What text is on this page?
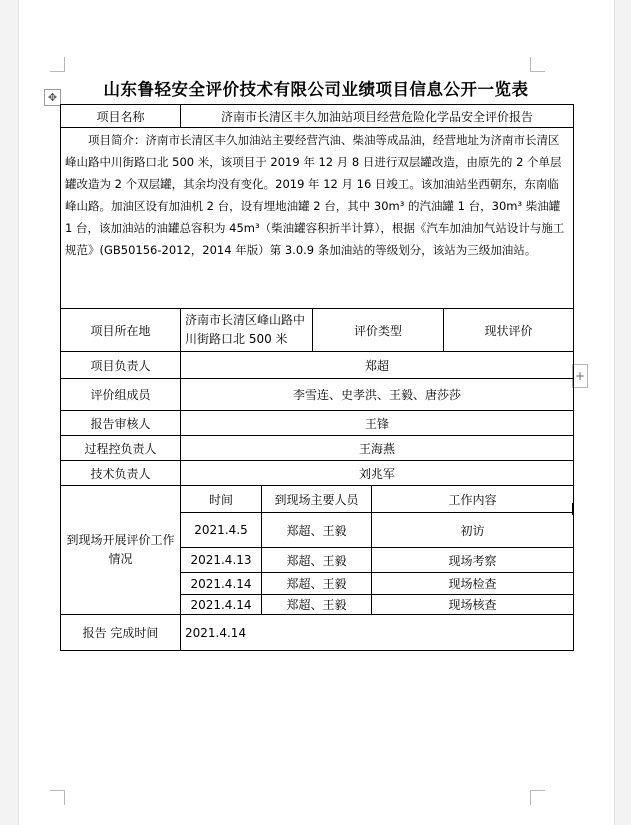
✥
+
山东鲁轻安全评价技术有限公司业绩项目信息公开一览表
项目名称	济南市长清区丰久加油站项目经营危险化学品安全评价报告				
项目简介：济南市长清区丰久加油站主要经营汽油、柴油等成品油，经营地址为济南市长清区峰山路中川街路口北 500 米，该项目于 2019 年 12 月 8 日进行双层罐改造，由原先的 2 个单层罐改造为 2 个双层罐，其余均没有变化。2019 年 12 月 16 日竣工。该加油站坐西朝东，东南临峰山路。加油区设有加油机 2 台，设有埋地油罐 2 台，其中 30m³ 的汽油罐 1 台，30m³ 柴油罐 1 台，该加油站的油罐总容积为 45m³（柴油罐容积折半计算），根据《汽车加油加气站设计与施工规范》(GB50156-2012，2014 年版）第 3.0.9 条加油站的等级划分，该站为三级加油站。					
项目所在地	济南市长清区峰山路中川街路口北 500 米		评价类型		现状评价
项目负责人	郑超				
评价组成员	李雪连、史孝洪、王毅、唐莎莎				
报告审核人	王锋				
过程控负责人	王海燕				
技术负责人	刘兆军				
到现场开展评价工作情况	时间	到现场主要人员		工作内容	
	2021.4.5	郑超、王毅		初访	
	2021.4.13	郑超、王毅		现场考察	
	2021.4.14	郑超、王毅		现场检查	
	2021.4.14	郑超、王毅		现场核查	
报告 完成时间	2021.4.14				
